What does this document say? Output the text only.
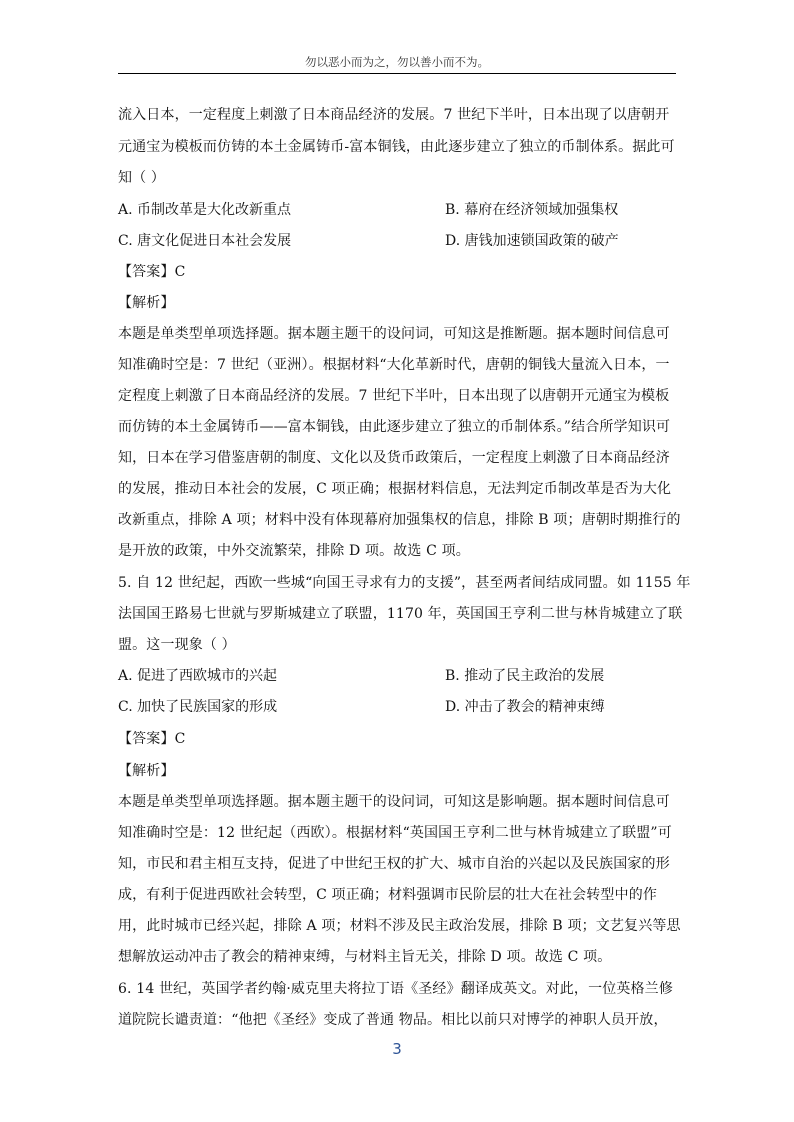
勿以恶小而为之，勿以善小而不为。
流入日本，一定程度上刺激了日本商品经济的发展。7 世纪下半叶，日本出现了以唐朝开
元通宝为模板而仿铸的本土金属铸币-富本铜钱，由此逐步建立了独立的币制体系。据此可
知（ ）
A. 币制改革是大化改新重点	B. 幕府在经济领域加强集权
C. 唐文化促进日本社会发展	D. 唐钱加速锁国政策的破产
【答案】C
【解析】
本题是单类型单项选择题。据本题主题干的设问词，可知这是推断题。据本题时间信息可
知准确时空是：7 世纪（亚洲）。根据材料“大化革新时代，唐朝的铜钱大量流入日本，一
定程度上刺激了日本商品经济的发展。7 世纪下半叶，日本出现了以唐朝开元通宝为模板
而仿铸的本土金属铸币——富本铜钱，由此逐步建立了独立的币制体系。”结合所学知识可
知，日本在学习借鉴唐朝的制度、文化以及货币政策后，一定程度上刺激了日本商品经济
的发展，推动日本社会的发展，C 项正确；根据材料信息，无法判定币制改革是否为大化
改新重点，排除 A 项；材料中没有体现幕府加强集权的信息，排除 B 项；唐朝时期推行的
是开放的政策，中外交流繁荣，排除 D 项。故选 C 项。
5. 自 12 世纪起，西欧一些城“向国王寻求有力的支援”，甚至两者间结成同盟。如 1155 年
法国国王路易七世就与罗斯城建立了联盟，1170 年，英国国王亨利二世与林肯城建立了联
盟。这一现象（ ）
A. 促进了西欧城市的兴起	B. 推动了民主政治的发展
C. 加快了民族国家的形成	D. 冲击了教会的精神束缚
【答案】C
【解析】
本题是单类型单项选择题。据本题主题干的设问词，可知这是影响题。据本题时间信息可
知准确时空是：12 世纪起（西欧）。根据材料“英国国王亨利二世与林肯城建立了联盟”可
知，市民和君主相互支持，促进了中世纪王权的扩大、城市自治的兴起以及民族国家的形
成，有利于促进西欧社会转型，C 项正确；材料强调市民阶层的壮大在社会转型中的作
用，此时城市已经兴起，排除 A 项；材料不涉及民主政治发展，排除 B 项；文艺复兴等思
想解放运动冲击了教会的精神束缚，与材料主旨无关，排除 D 项。故选 C 项。
6. 14 世纪，英国学者约翰·威克里夫将拉丁语《圣经》翻译成英文。对此，一位英格兰修
道院院长谴责道：“他把《圣经》变成了普通 物品。相比以前只对博学的神职人员开放，
3
